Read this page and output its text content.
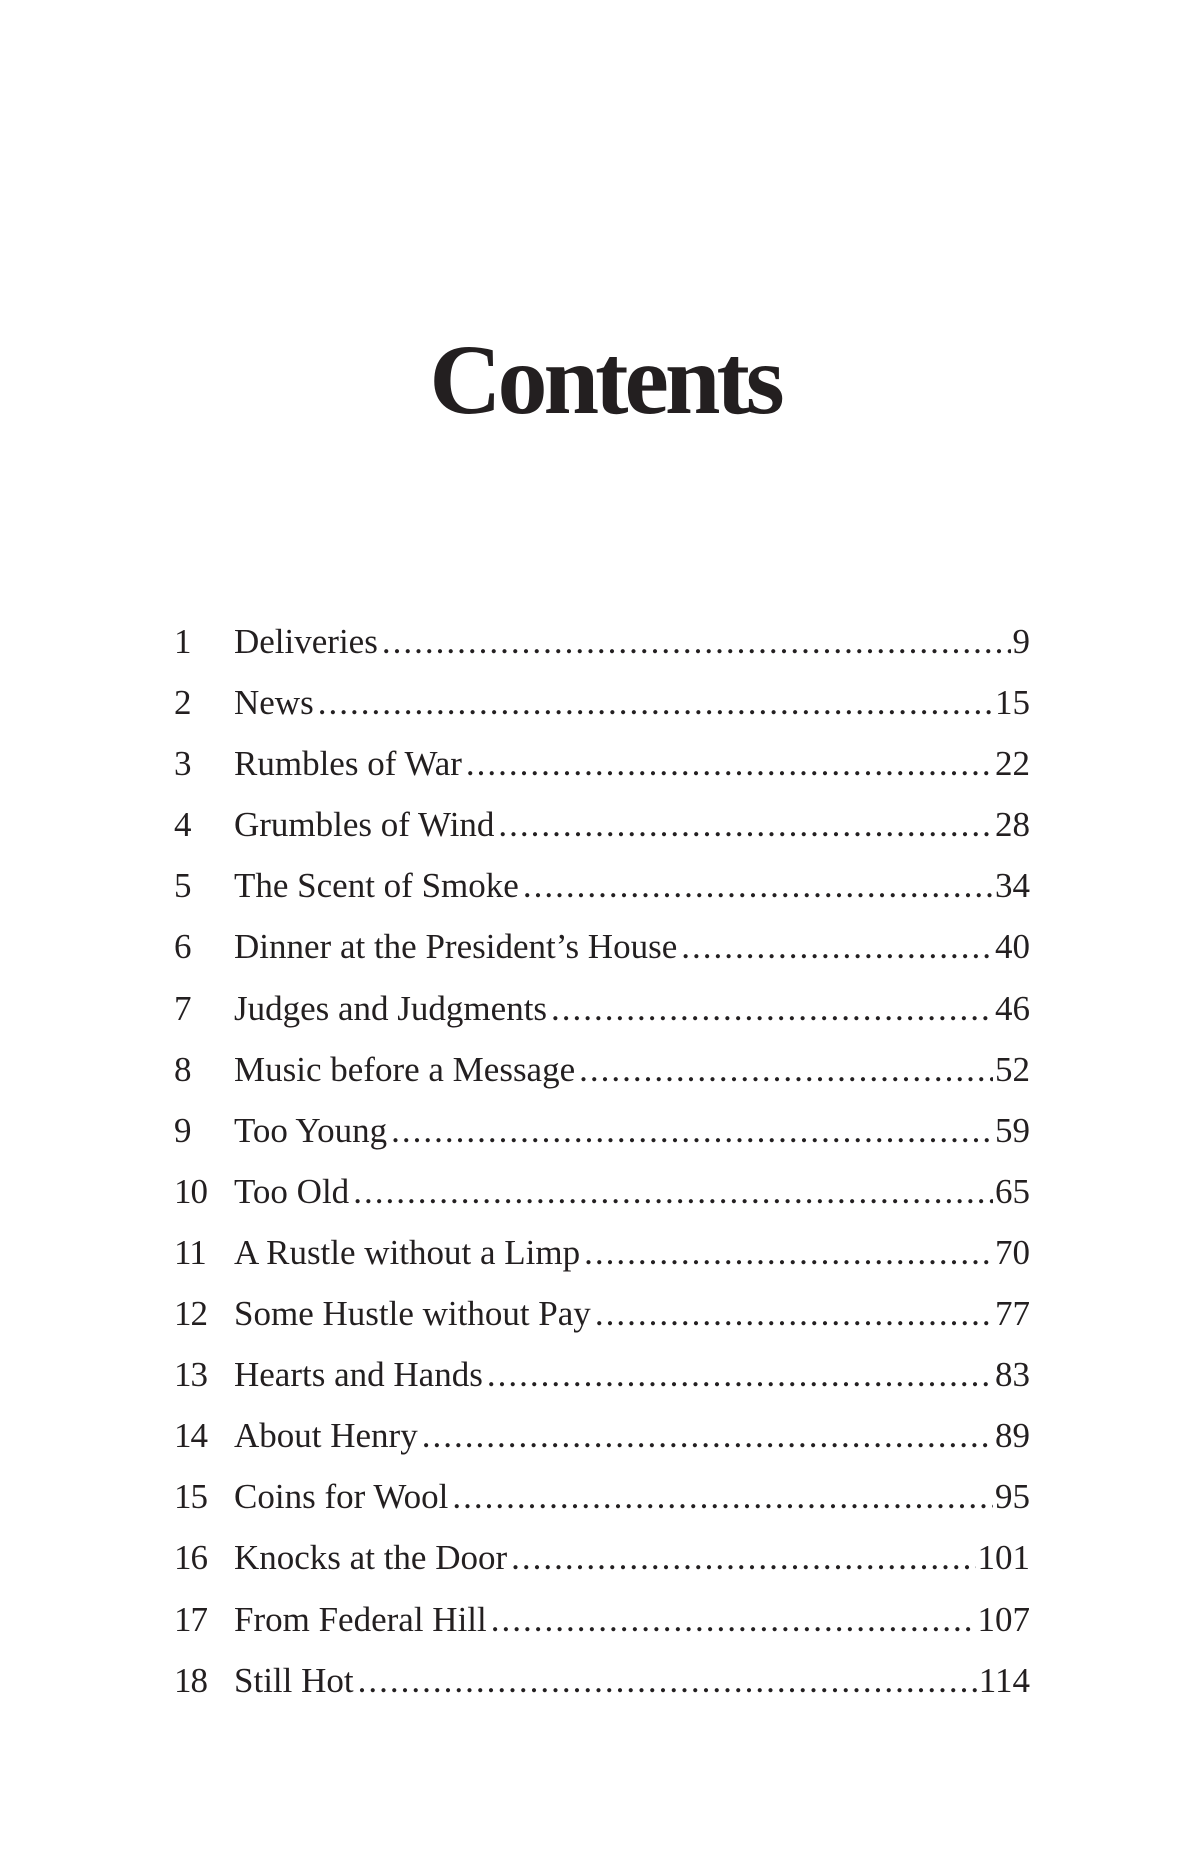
Contents
1	Deliveries .....	9
2	News .....	15
3	Rumbles of War .....	22
4	Grumbles of Wind .....	28
5	The Scent of Smoke .....	34
6	Dinner at the President’s House .....	40
7	Judges and Judgments .....	46
8	Music before a Message .....	52
9	Too Young .....	59
10 Too Old .....	65
11 A Rustle without a Limp .....	70
12 Some Hustle without Pay .....	77
13 Hearts and Hands .....	83
14 About Henry .....	89
15 Coins for Wool .....	95
16 Knocks at the Door .....	101
17 From Federal Hill .....	107
18 Still Hot .....	114
